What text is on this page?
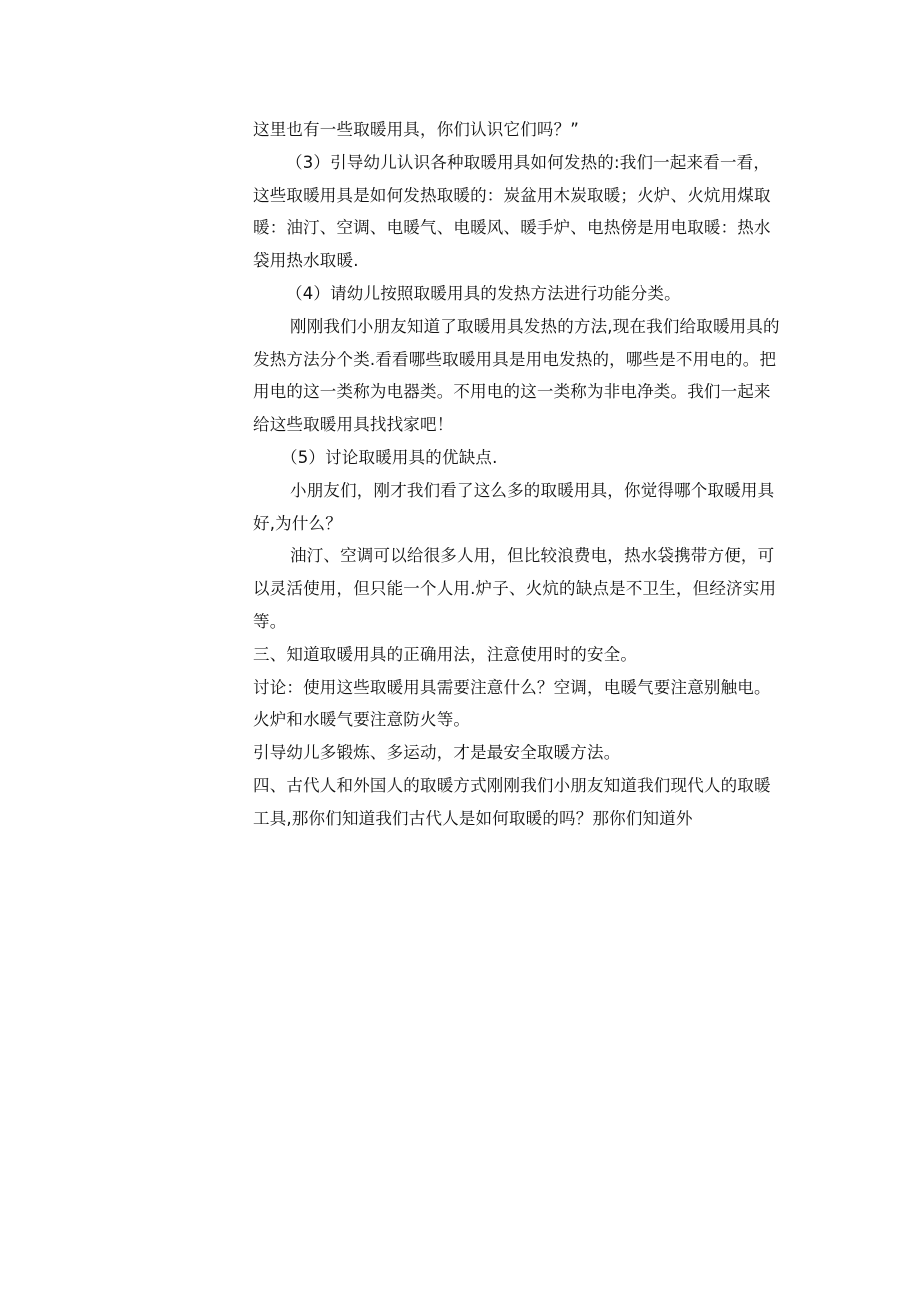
这里也有一些取暖用具，你们认识它们吗？”

（3）引导幼儿认识各种取暖用具如何发热的:我们一起来看一看，这些取暖用具是如何发热取暖的：炭盆用木炭取暖；火炉、火炕用煤取暖：油汀、空调、电暖气、电暖风、暖手炉、电热傍是用电取暖：热水袋用热水取暖.

（4）请幼儿按照取暖用具的发热方法进行功能分类。

刚刚我们小朋友知道了取暖用具发热的方法,现在我们给取暖用具的发热方法分个类.看看哪些取暖用具是用电发热的，哪些是不用电的。把用电的这一类称为电器类。不用电的这一类称为非电净类。我们一起来给这些取暖用具找找家吧！

（5）讨论取暖用具的优缺点.

小朋友们，刚才我们看了这么多的取暖用具，你觉得哪个取暖用具好,为什么？

油汀、空调可以给很多人用，但比较浪费电，热水袋携带方便，可以灵活使用，但只能一个人用.炉子、火炕的缺点是不卫生，但经济实用等。

三、知道取暖用具的正确用法，注意使用时的安全。

讨论：使用这些取暖用具需要注意什么？空调，电暖气要注意别触电。火炉和水暖气要注意防火等。

引导幼儿多锻炼、多运动，才是最安全取暖方法。

四、古代人和外国人的取暖方式刚刚我们小朋友知道我们现代人的取暖工具,那你们知道我们古代人是如何取暖的吗？那你们知道外
